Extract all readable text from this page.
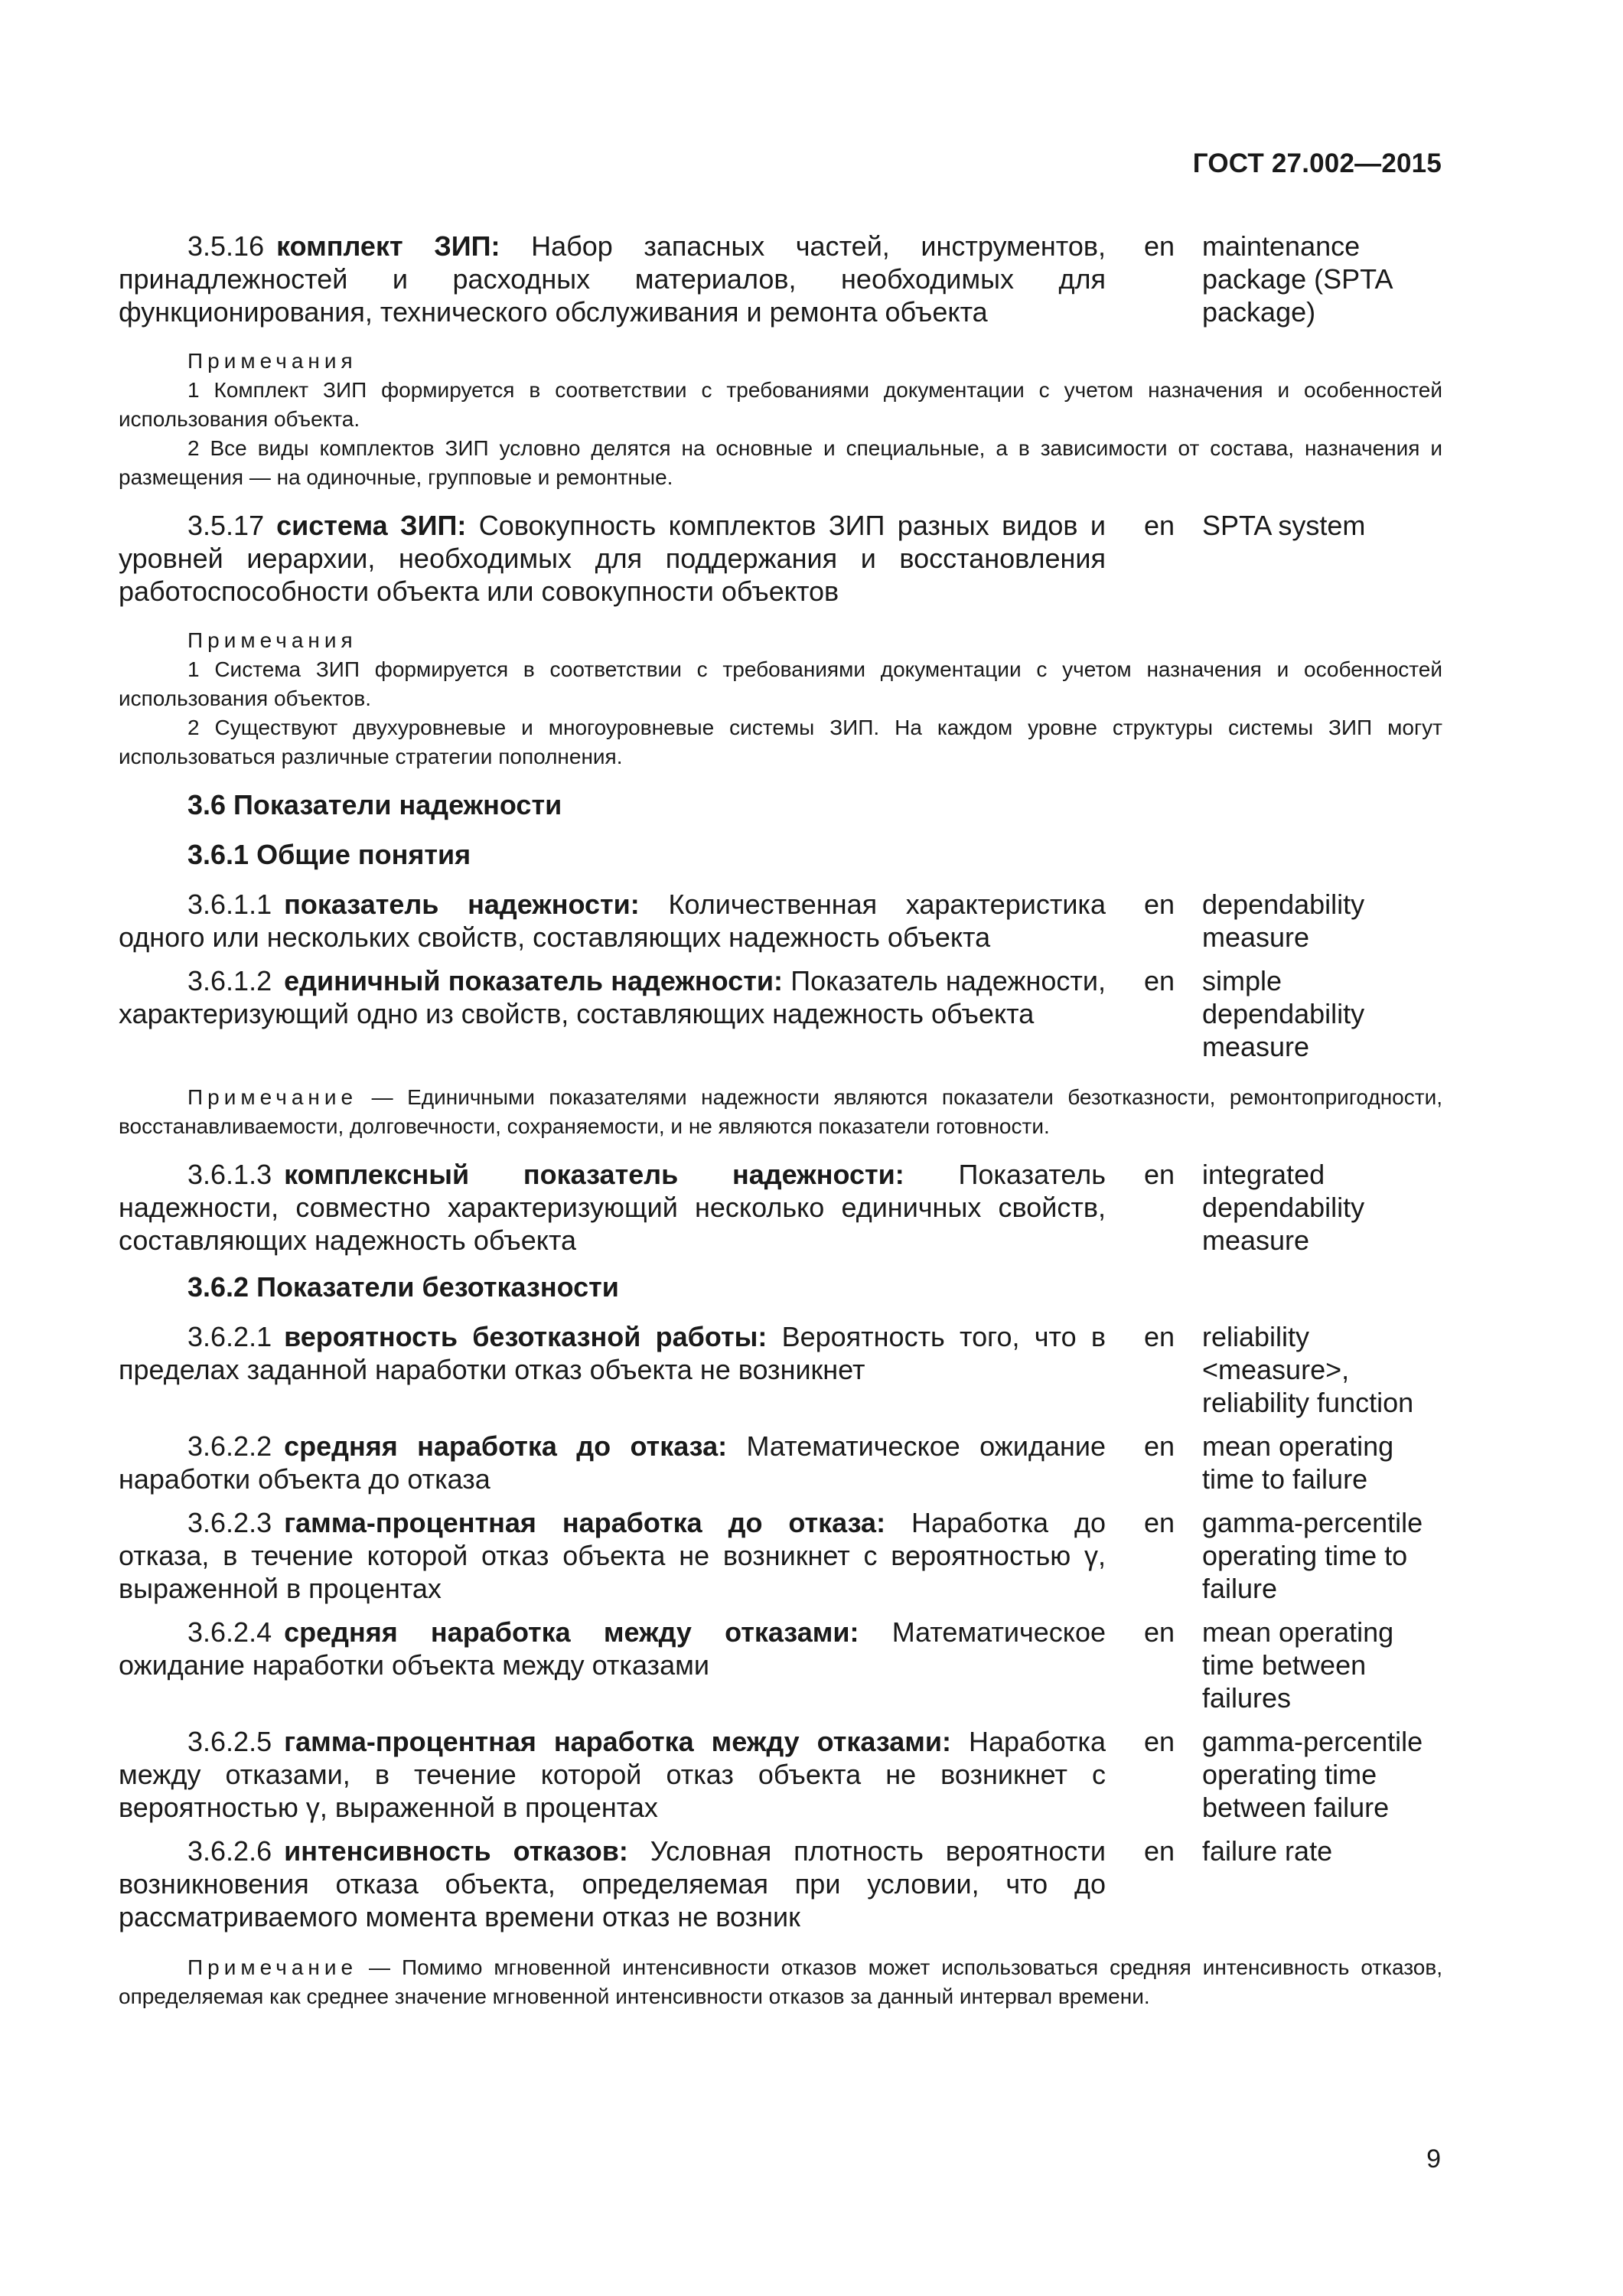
ГОСТ 27.002—2015
3.5.16 комплект ЗИП: Набор запасных частей, инструментов, принадлежностей и расходных материалов, необходимых для функционирования, технического обслуживания и ремонта объекта
en maintenance package (SPTA package)
Примечания
1 Комплект ЗИП формируется в соответствии с требованиями документации с учетом назначения и особенностей использования объекта.
2 Все виды комплектов ЗИП условно делятся на основные и специальные, а в зависимости от состава, назначения и размещения — на одиночные, групповые и ремонтные.
3.5.17 система ЗИП: Совокупность комплектов ЗИП разных видов и уровней иерархии, необходимых для поддержания и восстановления работоспособности объекта или совокупности объектов
en SPTA system
Примечания
1 Система ЗИП формируется в соответствии с требованиями документации с учетом назначения и особенностей использования объектов.
2 Существуют двухуровневые и многоуровневые системы ЗИП. На каждом уровне структуры системы ЗИП могут использоваться различные стратегии пополнения.
3.6 Показатели надежности
3.6.1 Общие понятия
3.6.1.1 показатель надежности: Количественная характеристика одного или нескольких свойств, составляющих надежность объекта
en dependability measure
3.6.1.2 единичный показатель надежности: Показатель надежности, характеризующий одно из свойств, составляющих надежность объекта
en simple dependability measure
Примечание — Единичными показателями надежности являются показатели безотказности, ремонтопригодности, восстанавливаемости, долговечности, сохраняемости, и не являются показатели готовности.
3.6.1.3 комплексный показатель надежности: Показатель надежности, совместно характеризующий несколько единичных свойств, составляющих надежность объекта
en integrated dependability measure
3.6.2 Показатели безотказности
3.6.2.1 вероятность безотказной работы: Вероятность того, что в пределах заданной наработки отказ объекта не возникнет
en reliability <measure>, reliability function
3.6.2.2 средняя наработка до отказа: Математическое ожидание наработки объекта до отказа
en mean operating time to failure
3.6.2.3 гамма-процентная наработка до отказа: Наработка до отказа, в течение которой отказ объекта не возникнет с вероятностью γ, выраженной в процентах
en gamma-percentile operating time to failure
3.6.2.4 средняя наработка между отказами: Математическое ожидание наработки объекта между отказами
en mean operating time between failures
3.6.2.5 гамма-процентная наработка между отказами: Наработка между отказами, в течение которой отказ объекта не возникнет с вероятностью γ, выраженной в процентах
en gamma-percentile operating time between failure
3.6.2.6 интенсивность отказов: Условная плотность вероятности возникновения отказа объекта, определяемая при условии, что до рассматриваемого момента времени отказ не возник
en failure rate
Примечание — Помимо мгновенной интенсивности отказов может использоваться средняя интенсивность отказов, определяемая как среднее значение мгновенной интенсивности отказов за данный интервал времени.
9
